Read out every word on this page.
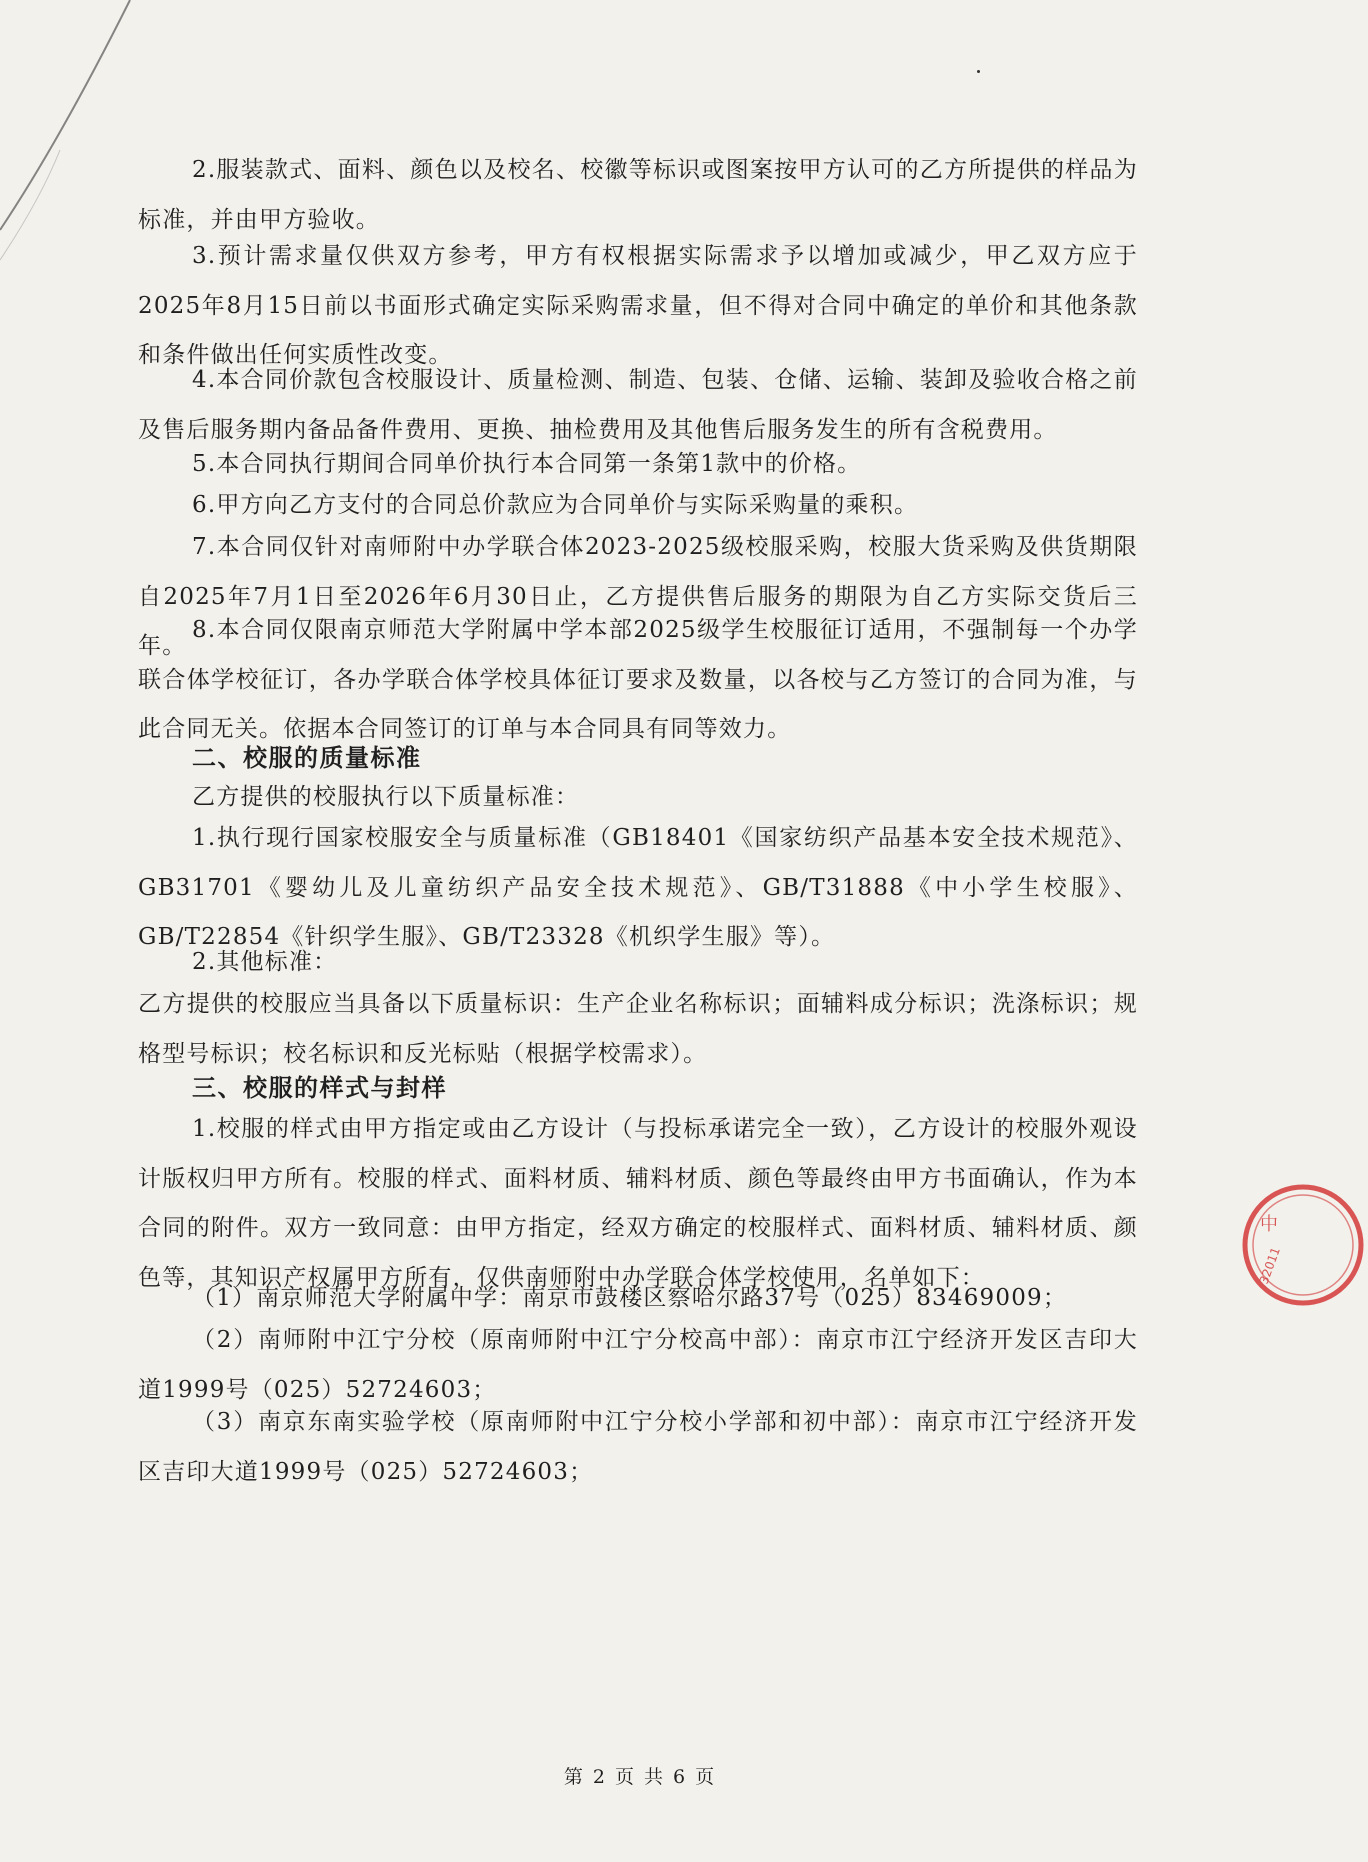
2.服装款式、面料、颜色以及校名、校徽等标识或图案按甲方认可的乙方所提供的样品为标准，并由甲方验收。

3.预计需求量仅供双方参考，甲方有权根据实际需求予以增加或减少，甲乙双方应于2025年8月15日前以书面形式确定实际采购需求量，但不得对合同中确定的单价和其他条款和条件做出任何实质性改变。

4.本合同价款包含校服设计、质量检测、制造、包装、仓储、运输、装卸及验收合格之前及售后服务期内备品备件费用、更换、抽检费用及其他售后服务发生的所有含税费用。

5.本合同执行期间合同单价执行本合同第一条第1款中的价格。

6.甲方向乙方支付的合同总价款应为合同单价与实际采购量的乘积。

7.本合同仅针对南师附中办学联合体2023-2025级校服采购，校服大货采购及供货期限自2025年7月1日至2026年6月30日止，乙方提供售后服务的期限为自乙方实际交货后三年。

8.本合同仅限南京师范大学附属中学本部2025级学生校服征订适用，不强制每一个办学联合体学校征订，各办学联合体学校具体征订要求及数量，以各校与乙方签订的合同为准，与此合同无关。依据本合同签订的订单与本合同具有同等效力。

二、校服的质量标准

乙方提供的校服执行以下质量标准：

1.执行现行国家校服安全与质量标准（GB18401《国家纺织产品基本安全技术规范》、GB31701《婴幼儿及儿童纺织产品安全技术规范》、GB/T31888《中小学生校服》、GB/T22854《针织学生服》、GB/T23328《机织学生服》等）。

2.其他标准：

乙方提供的校服应当具备以下质量标识：生产企业名称标识；面辅料成分标识；洗涤标识；规格型号标识；校名标识和反光标贴（根据学校需求）。

三、校服的样式与封样

1.校服的样式由甲方指定或由乙方设计（与投标承诺完全一致），乙方设计的校服外观设计版权归甲方所有。校服的样式、面料材质、辅料材质、颜色等最终由甲方书面确认，作为本合同的附件。双方一致同意：由甲方指定，经双方确定的校服样式、面料材质、辅料材质、颜色等，其知识产权属甲方所有，仅供南师附中办学联合体学校使用，名单如下：

（1）南京师范大学附属中学：南京市鼓楼区察哈尔路37号（025）83469009；

（2）南师附中江宁分校（原南师附中江宁分校高中部）：南京市江宁经济开发区吉印大道1999号（025）52724603；

（3）南京东南实验学校（原南师附中江宁分校小学部和初中部）：南京市江宁经济开发区吉印大道1999号（025）52724603；

第 2 页 共 6 页
中
32011
